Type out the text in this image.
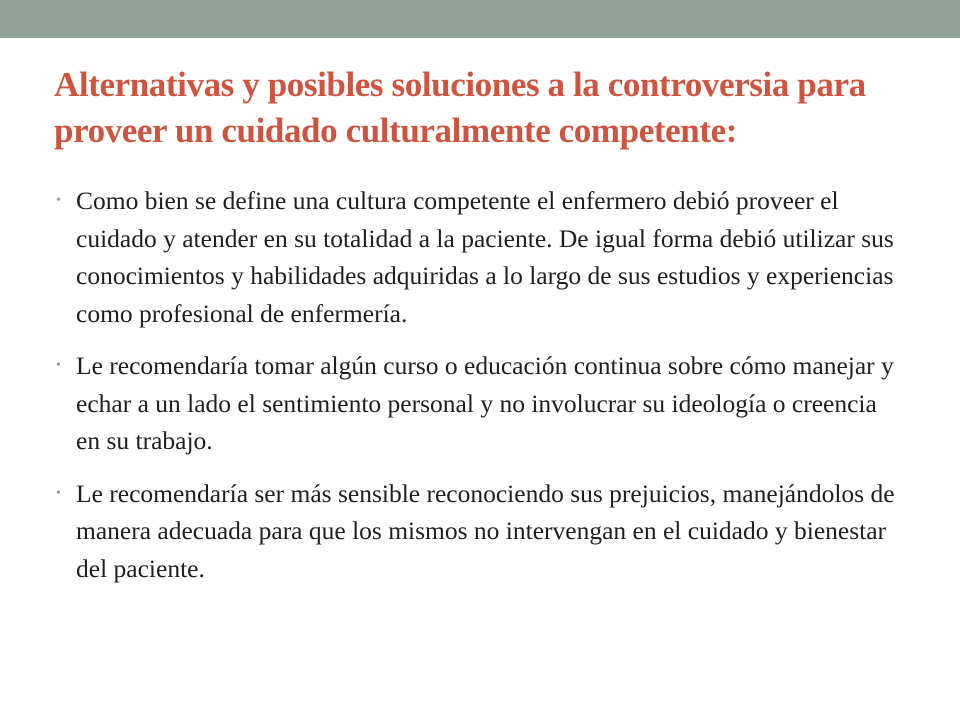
Alternativas y posibles soluciones a la controversia para proveer un cuidado culturalmente competente:
• Como bien se define una cultura competente el enfermero debió proveer el cuidado y atender en su totalidad a la paciente. De igual forma debió utilizar sus conocimientos y habilidades adquiridas a lo largo de sus estudios y experiencias como profesional de enfermería.
• Le recomendaría tomar algún curso o educación continua sobre cómo manejar y echar a un lado el sentimiento personal y no involucrar su ideología o creencia en su trabajo.
• Le recomendaría ser más sensible reconociendo sus prejuicios, manejándolos de manera adecuada para que los mismos no intervengan en el cuidado y bienestar del paciente.
